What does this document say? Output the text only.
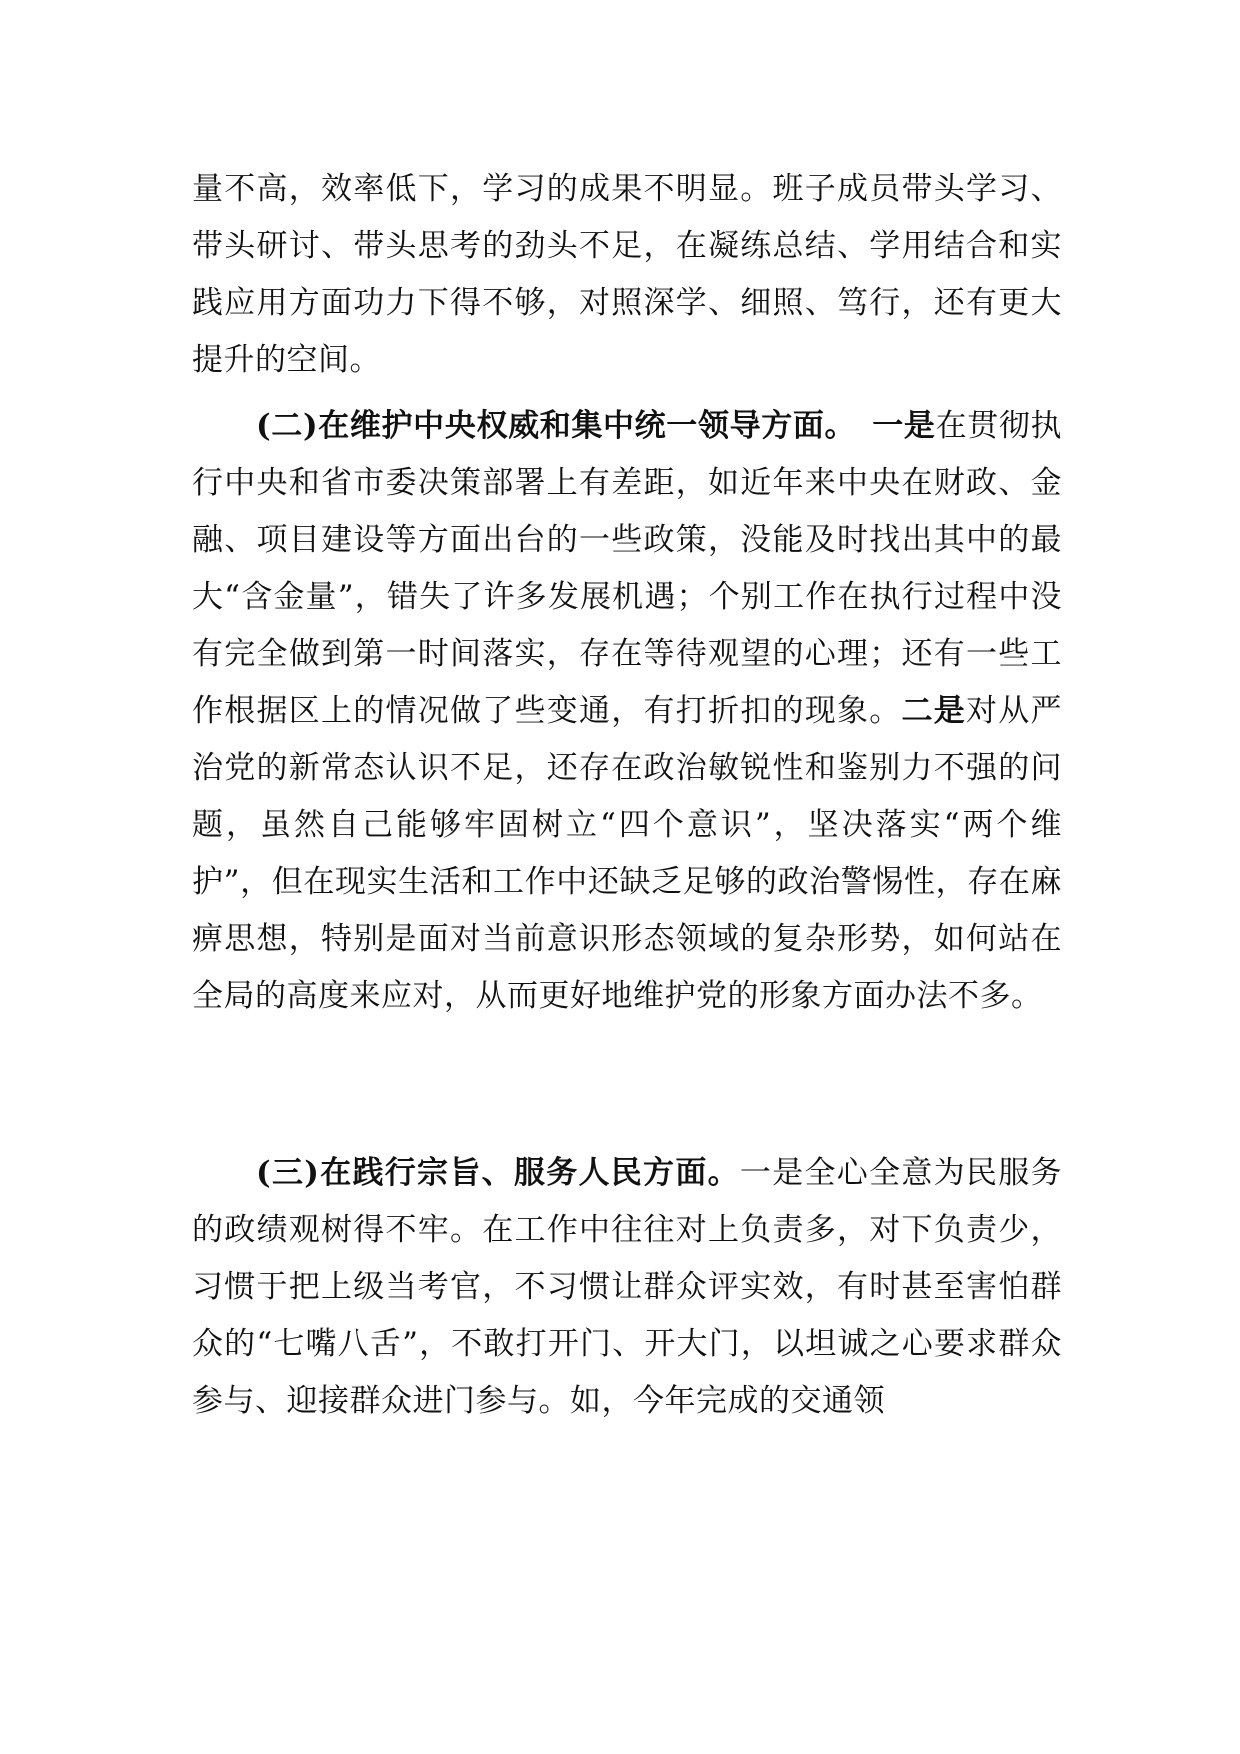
量不高，效率低下，学习的成果不明显。班子成员带头学习、带头研讨、带头思考的劲头不足，在凝练总结、学用结合和实践应用方面功力下得不够，对照深学、细照、笃行，还有更大提升的空间。

(二)在维护中央权威和集中统一领导方面。　 一是在贯彻执行中央和省市委决策部署上有差距，如近年来中央在财政、金融、项目建设等方面出台的一些政策，没能及时找出其中的最大“含金量”，错失了许多发展机遇；个别工作在执行过程中没有完全做到第一时间落实，存在等待观望的心理；还有一些工作根据区上的情况做了些变通，有打折扣的现象。二是对从严治党的新常态认识不足，还存在政治敏锐性和鉴别力不强的问题，虽然自己能够牢固树立“四个意识”，坚决落实“两个维护”，但在现实生活和工作中还缺乏足够的政治警惕性，存在麻痹思想，特别是面对当前意识形态领域的复杂形势，如何站在全局的高度来应对，从而更好地维护党的形象方面办法不多。

(三)在践行宗旨、服务人民方面。一是全心全意为民服务的政绩观树得不牢。在工作中往往对上负责多，对下负责少，习惯于把上级当考官，不习惯让群众评实效，有时甚至害怕群众的“七嘴八舌”，不敢打开门、开大门，以坦诚之心要求群众参与、迎接群众进门参与。如，今年完成的交通领
